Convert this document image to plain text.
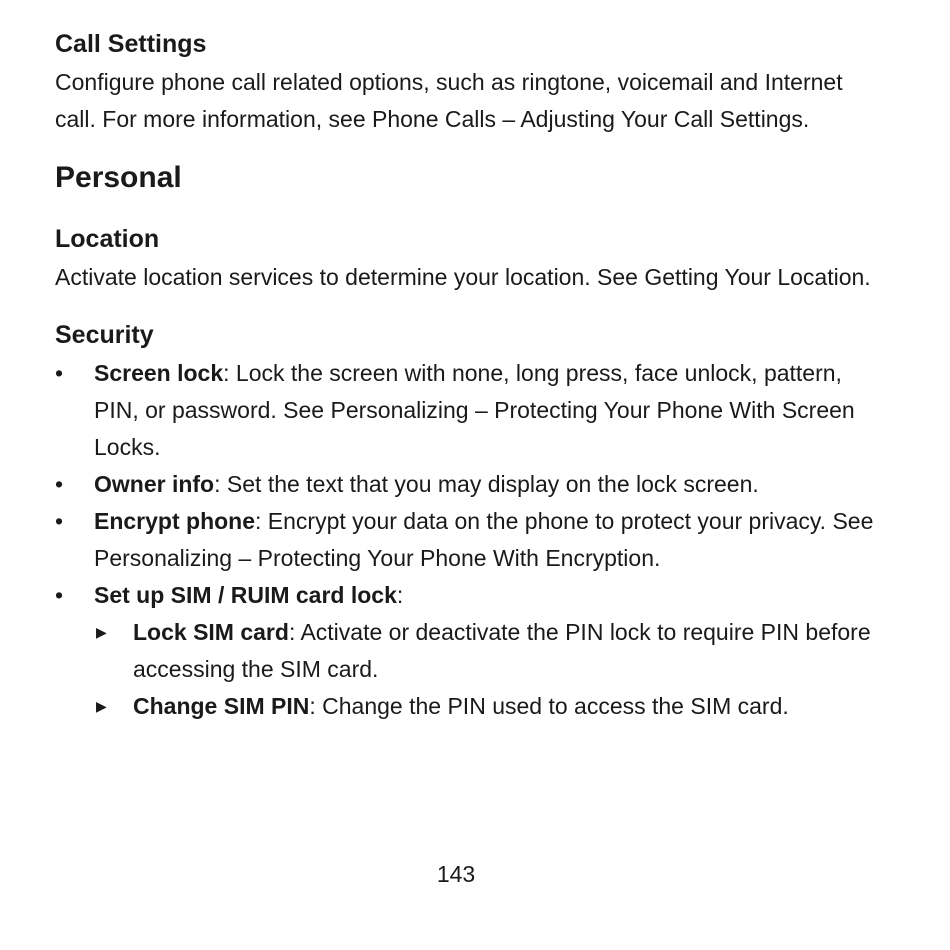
Call Settings

Configure phone call related options, such as ringtone, voicemail and Internet call. For more information, see Phone Calls – Adjusting Your Call Settings.

Personal
Location

Activate location services to determine your location. See Getting Your Location.

Security
•	Screen lock: Lock the screen with none, long press, face unlock, pattern, PIN, or password. See Personalizing – Protecting Your Phone With Screen Locks.
•	Owner info: Set the text that you may display on the lock screen.
•	Encrypt phone: Encrypt your data on the phone to protect your privacy. See Personalizing – Protecting Your Phone With Encryption.
•	Set up SIM / RUIM card lock:
▶ Lock SIM card: Activate or deactivate the PIN lock to require PIN before accessing the SIM card.
▶ Change SIM PIN: Change the PIN used to access the SIM card.
143
